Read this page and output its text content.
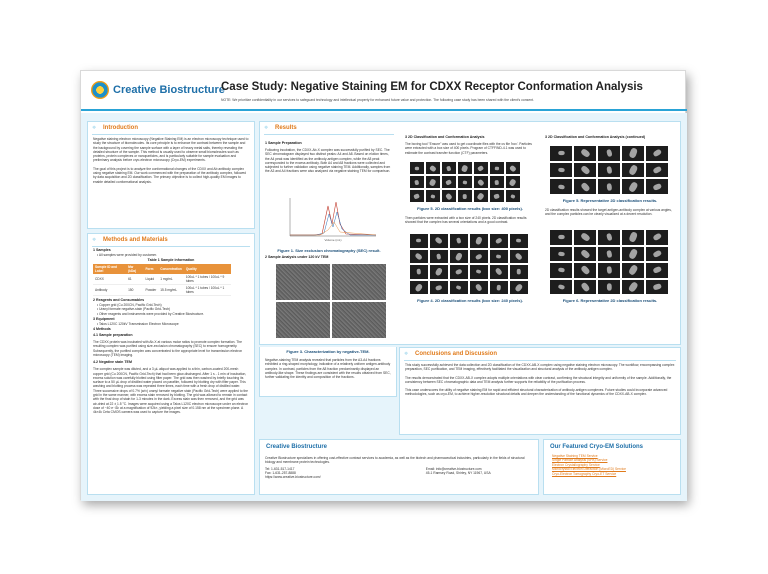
Creative Biostructure
Case Study: Negative Staining EM for CDXX Receptor Conformation Analysis
NOTE: We prioritize confidentiality in our services to safeguard technology and intellectual property for enhanced future value and protection. The following case study has been shared with the client's consent.
⁘	Introduction
Negative staining electron microscopy (Negative Staining EM) is an electron microscopy technique used to study the structure of biomolecules. Its core principle is to enhance the contrast between the sample and the background by covering the sample surface with a layer of heavy metal salts, thereby revealing the detailed structure of the sample. This method is usually used to observe small biomolecules such as proteins, protein complexes or nanoparticles, and is particularly suitable for sample evaluation and preliminary analysis before cryo-electron microscopy (Cryo-EM) experiments.
The goal of this project is to analyze the conformational changes of the CDXX and Ab antibody complex using negative staining EM. Our work commenced with the preparation of the antibody complex, followed by data acquisition and 2D classification. The primary objective is to collect high-quality EM images to enable detailed conformational analysis.
⁘	Methods and Materials
1 Samples
• All samples were provided by customer.
Table 1 Sample information
Sample ID and Label	Mw (kDa)	Form	Concentration	Quality
CDXX	61	Liquid	1 mg/mL	100uL * 1 tubes / 100uL * 9 tubes
Antibody	150	Powder	15.5 mg/mL	100uL * 1 tubes / 100uL * 1 tubes
2 Reagents and Consumables
• Copper grid (Cu 200CN, Pacific Grid-Tech)
• Uranyl formate negative-stain (Pacific Grid-Tech)
• Other reagents and instruments were provided by Creative Biostructure.
3 Equipment
• Talos L120C 120kV Transmission Electron Microscope
4 Methods
4.1 Sample preparation
The CDXX protein was incubated with Ab-X at various molar ratios to promote complex formation. The resulting complex was purified using size-exclusion chromatography (SEC) to ensure homogeneity. Subsequently, the purified complex was concentrated to the appropriate level for transmission electron microscopy (TEM) imaging.
4.2 Negative stain TEM
The complex sample was diluted, and a 3 µL aliquot was applied to a thin, carbon-coated 200-mesh copper grid (Cu 200CN, Pacific Grid-Tech) that had been glow-discharged. After 1 s - 1 min of incubation, excess solution was carefully blotted using filter paper. The grid was then washed by briefly touching its surface to a 50 µL drop of distilled water placed on parafilm, followed by blotting dry with filter paper. This washing and blotting process was repeated three times, each time with a fresh drop of distilled water. Three successive drops of 0.7% (w/v) uranyl formate negative stain (Pacific Grid-Tech) were applied to the grid in the same manner, with excess stain removed by blotting. The grid was allowed to remain in contact with the final drop of stain for 1-3 minutes in the dark. Excess stain was then removed, and the grid was air-dried at 22 ± 1.5 °C. Images were acquired using a Talos L120C electron microscope under an electron dose of ~40 e⁻/Å² at a magnification of 92k×, yielding a pixel size of 0.158 nm at the specimen plane. A 4k×4k Ceta CMOS camera was used to capture the images.
⁘	Results
1 Sample Preparation
Following incubation, the CDXX-Ab-X complex was successfully purified by SEC. The SEC chromatogram displayed two distinct peaks: A4 and A8. Based on elution times, the A4 peak was identified as the antibody-antigen complex, while the A8 peak corresponded to the excess antibody. Both A4 and A8 fractions were collected and subjected to further validation using negative staining TEM. Additionally, samples from the A3 and A4 fractions were also analyzed via negative staining TEM for comparison.
Volume (mL)
Figure 1. Size exclusion chromatography (SEC) result.
2 Sample Analysis under 120 kV TEM
3 2D Classification and Conformation Analysis
The boxing tool "Ensure" was used to get coordinate files with the cs file 'box'. Particles were extracted with a box size of 400 pixels. Program of CTFFIND-4.1 was used to estimate the contrast transfer function (CTF) parameters.
Figure 5. 2D classification results (box size: 400 pixels).
Then particles were extracted with a box size of 240 pixels. 2D classification results showed that the complex has several orientations and a good contrast.
Figure 4. 2D classification results (box size: 240 pixels).
3 2D Classification and Conformation Analysis (continued)
Figure 5. Representative 2D classification results.
2D classification results showed the target antigen-antibody complex at various angles, and the complex particles can be clearly visualized at a decent resolution.
Figure 6. Representative 2D classification results.
Figure 3. Characterization by negative-TEM.
Negative-staining TEM analysis revealed that particles from the A3-A4 fractions exhibited a ring-shaped morphology, indicative of a relatively uniform antigen-antibody complex. In contrast, particles from the A8 fraction predominantly displayed an antibody-like shape. These findings are consistent with the results obtained from SEC, further validating the identity and composition of the fractions.
⁘	Conclusions and Discussion
This study successfully achieved the data collection and 2D classification of the CDXX-AB-X complex using negative staining electron microscopy. The workflow, encompassing complex preparation, SEC purification, and TEM imaging, effectively facilitated the visualization and structural analysis of the antibody-antigen complex.
The results demonstrated that the CDXX-AB-X complex adopts multiple orientations with clear contrast, confirming the structural integrity and uniformity of the sample. Additionally, the consistency between SEC chromatographic data and TEM analysis further supports the reliability of the purification process.
This case underscores the utility of negative staining EM for rapid and efficient structural characterization of antibody-antigen complexes. Future studies could incorporate advanced methodologies, such as cryo-EM, to achieve higher-resolution structural details and deepen the understanding of the functional dynamics of the CDXX-AB-X complex.
Creative Biostructure
Creative Biostructure specializes in offering cost-effective contract services to academia, as well as the biotech and pharmaceutical industries, particularly in the fields of structural biology and membrane protein technologies.
Tel: 1-631-517-1417
Fax: 1-631-257-8888
https://www.creative-biostructure.com/
Email: info@creative-biostructure.com
45-1 Ramsey Road, Shirley, NY 11967, USA
Our Featured Cryo-EM Solutions
Negative Staining TEM Service
Single Particle Analysis (SPA) Service
Electron Crystallography Service
Microcrystal Electron Diffraction (MicroED) Service
Cryo-Electron Tomography Cryo-ET Service
